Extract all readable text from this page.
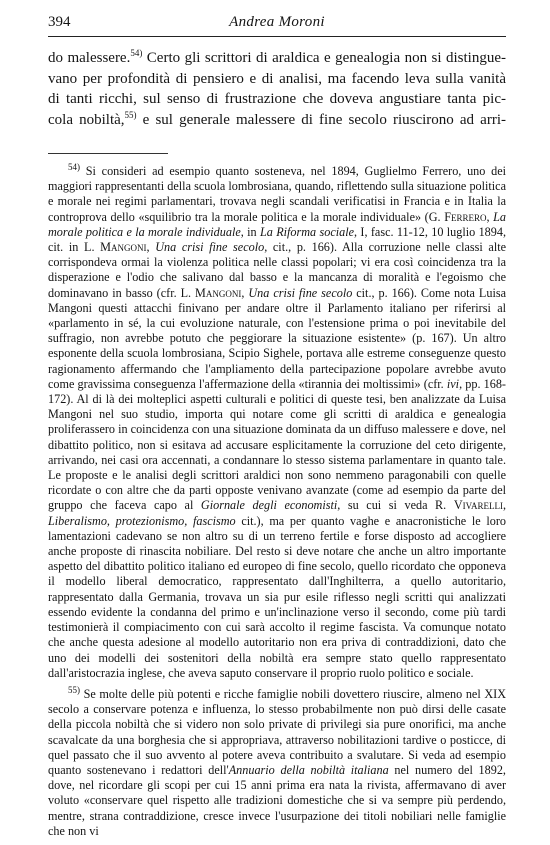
394	Andrea Moroni
do malessere.$^{54)}$ Certo gli scrittori di araldica e genealogia non si distingue-
vano per profondità di pensiero e di analisi, ma facendo leva sulla vanità
di tanti ricchi, sul senso di frustrazione che doveva angustiare tanta pic-
cola nobiltà,$^{55)}$ e sul generale malessere di fine secolo riuscirono ad arri-

$^{54)}$ Si consideri ad esempio quanto sosteneva, nel 1894, Guglielmo Ferrero, uno dei maggiori rappresentanti della scuola lombrosiana, quando, riflettendo sulla situazione politica e morale nei regimi parlamentari, trovava negli scandali verificatisi in Francia e in Italia la controprova dello «squilibrio tra la morale politica e la morale individuale» (G. Ferrero, La morale politica e la morale individuale, in La Riforma sociale, I, fasc. 11-12, 10 luglio 1894, cit. in L. Mangoni, Una crisi fine secolo, cit., p. 166). Alla corruzione nelle classi alte corrispondeva ormai la violenza politica nelle classi popolari; vi era così coincidenza tra la disperazione e l'odio che salivano dal basso e la mancanza di moralità e l'egoismo che dominavano in basso (cfr. L. Mangoni, Una crisi fine secolo cit., p. 166). Come nota Luisa Mangoni questi attacchi finivano per andare oltre il Parlamento italiano per riferirsi al «parlamento in sé, la cui evoluzione naturale, con l'estensione prima o poi inevitabile del suffragio, non avrebbe potuto che peggiorare la situazione esistente» (p. 167). Un altro esponente della scuola lombrosiana, Scipio Sighele, portava alle estreme conseguenze questo ragionamento affermando che l'ampliamento della partecipazione popolare avrebbe avuto come gravissima conseguenza l'affermazione della «tirannia dei moltissimi» (cfr. ivi, pp. 168-172). Al di là dei molteplici aspetti culturali e politici di queste tesi, ben analizzate da Luisa Mangoni nel suo studio, importa qui notare come gli scritti di araldica e genealogia proliferassero in coincidenza con una situazione dominata da un diffuso malessere e dove, nel dibattito politico, non si esitava ad accusare esplicitamente la corruzione del ceto dirigente, arrivando, nei casi ora accennati, a condannare lo stesso sistema parlamentare in quanto tale. Le proposte e le analisi degli scrittori araldici non sono nemmeno paragonabili con quelle ricordate o con altre che da parti opposte venivano avanzate (come ad esempio da parte del gruppo che faceva capo al Giornale degli economisti, su cui si veda R. Vivarelli, Liberalismo, protezionismo, fascismo cit.), ma per quanto vaghe e anacronistiche le loro lamentazioni cadevano se non altro su di un terreno fertile e forse disposto ad accogliere anche proposte di rinascita nobiliare. Del resto si deve notare che anche un altro importante aspetto del dibattito politico italiano ed europeo di fine secolo, quello ricordato che opponeva il modello liberal democratico, rappresentato dall'Inghilterra, a quello autoritario, rappresentato dalla Germania, trovava un sia pur esile riflesso negli scritti qui analizzati essendo evidente la condanna del primo e un'inclinazione verso il secondo, come più tardi testimonierà il compiacimento con cui sarà accolto il regime fascista. Va comunque notato che anche questa adesione al modello autoritario non era priva di contraddizioni, dato che uno dei modelli dei sostenitori della nobiltà era sempre stato quello rappresentato dall'aristocrazia inglese, che aveva saputo conservare il proprio ruolo politico e sociale.

$^{55)}$ Se molte delle più potenti e ricche famiglie nobili dovettero riuscire, almeno nel XIX secolo a conservare potenza e influenza, lo stesso probabilmente non può dirsi delle casate della piccola nobiltà che si videro non solo private di privilegi sia pure onorifici, ma anche scavalcate da una borghesia che si appropriava, attraverso nobilitazioni tardive o posticce, di quel passato che il suo avvento al potere aveva contribuito a svalutare. Si veda ad esempio quanto sostenevano i redattori dell'Annuario della nobiltà italiana nel numero del 1892, dove, nel ricordare gli scopi per cui 15 anni prima era nata la rivista, affermavano di aver voluto «conservare quel rispetto alle tradizioni domestiche che si va sempre più perdendo, mentre, strana contraddizione, cresce invece l'usurpazione dei titoli nobiliari nelle famiglie che non vi
